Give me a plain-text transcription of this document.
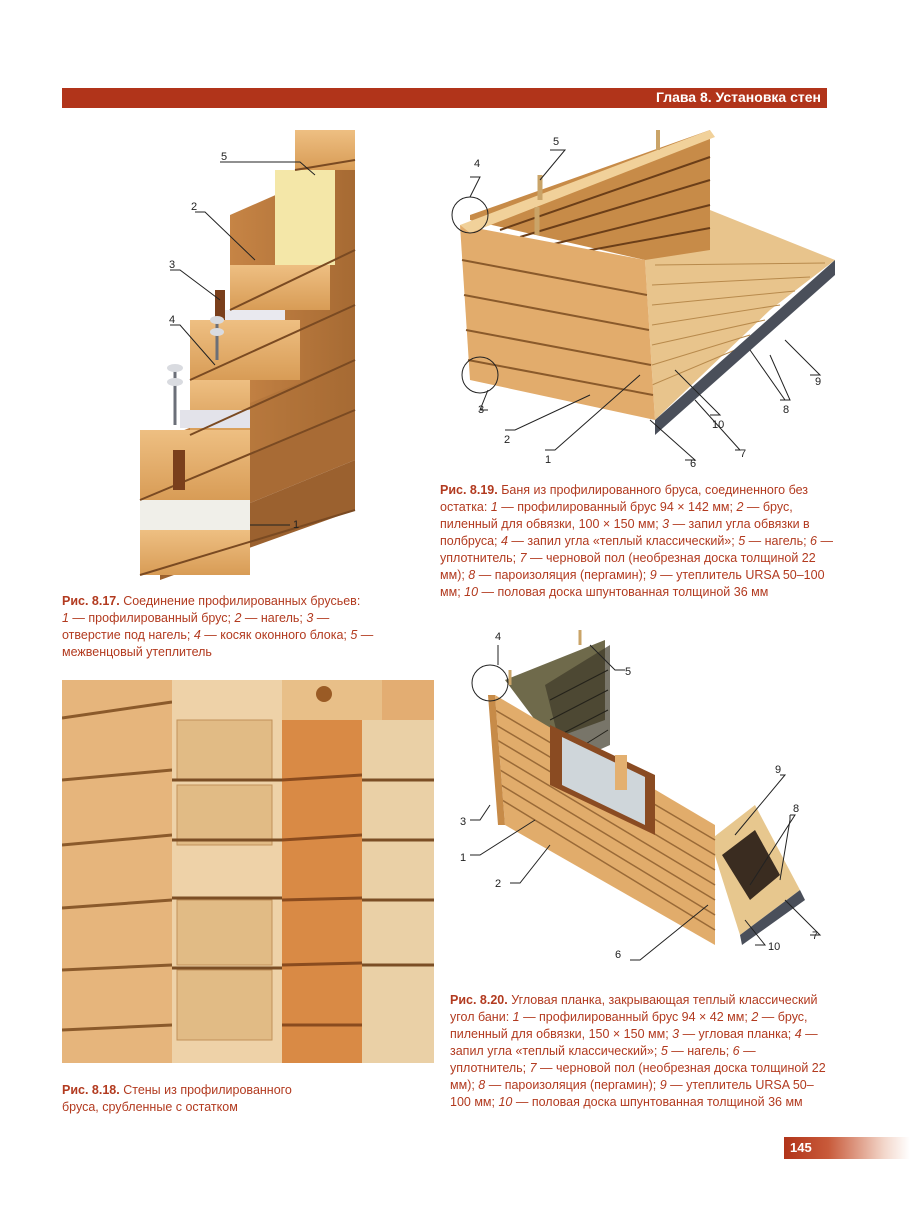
Глава 8. Установка стен
5
2
3
4
1
Рис. 8.17. Соединение профилированных брусьев:
1 — профилированный брус; 2 — нагель; 3 — отверстие под нагель; 4 — косяк оконного блока; 5 — межвенцовый утеплитель
Рис. 8.18. Стены из профилированного бруса, срубленные с остатком
4
5
3
2
1	6
7
10
8
9
Рис. 8.19. Баня из профилированного бруса, соединенного без остатка: 1 — профилированный брус 94 × 142 мм; 2 — брус, пиленный для обвязки, 100 × 150 мм; 3 — запил угла обвязки в полбруса; 4 — запил угла «теплый классический»; 5 — нагель; 6 — уплотнитель; 7 — черновой пол (необрезная доска толщиной 22 мм); 8 — пароизоляция (пергамин); 9 — утеплитель URSA 50–100 мм; 10 — половая доска шпунтованная толщиной 36 мм
4
5
3
1
2
6
10
7
9
8
Рис. 8.20. Угловая планка, закрывающая теплый классический угол бани: 1 — профилированный брус 94 × 42 мм; 2 — брус, пиленный для обвязки, 150 × 150 мм; 3 — угловая планка; 4 — запил угла «теплый классический»; 5 — нагель; 6 — уплотнитель; 7 — черновой пол (необрезная доска толщиной 22 мм); 8 — пароизоляция (пергамин); 9 — утеплитель URSA 50–100 мм; 10 — половая доска шпунтованная толщиной 36 мм
145
